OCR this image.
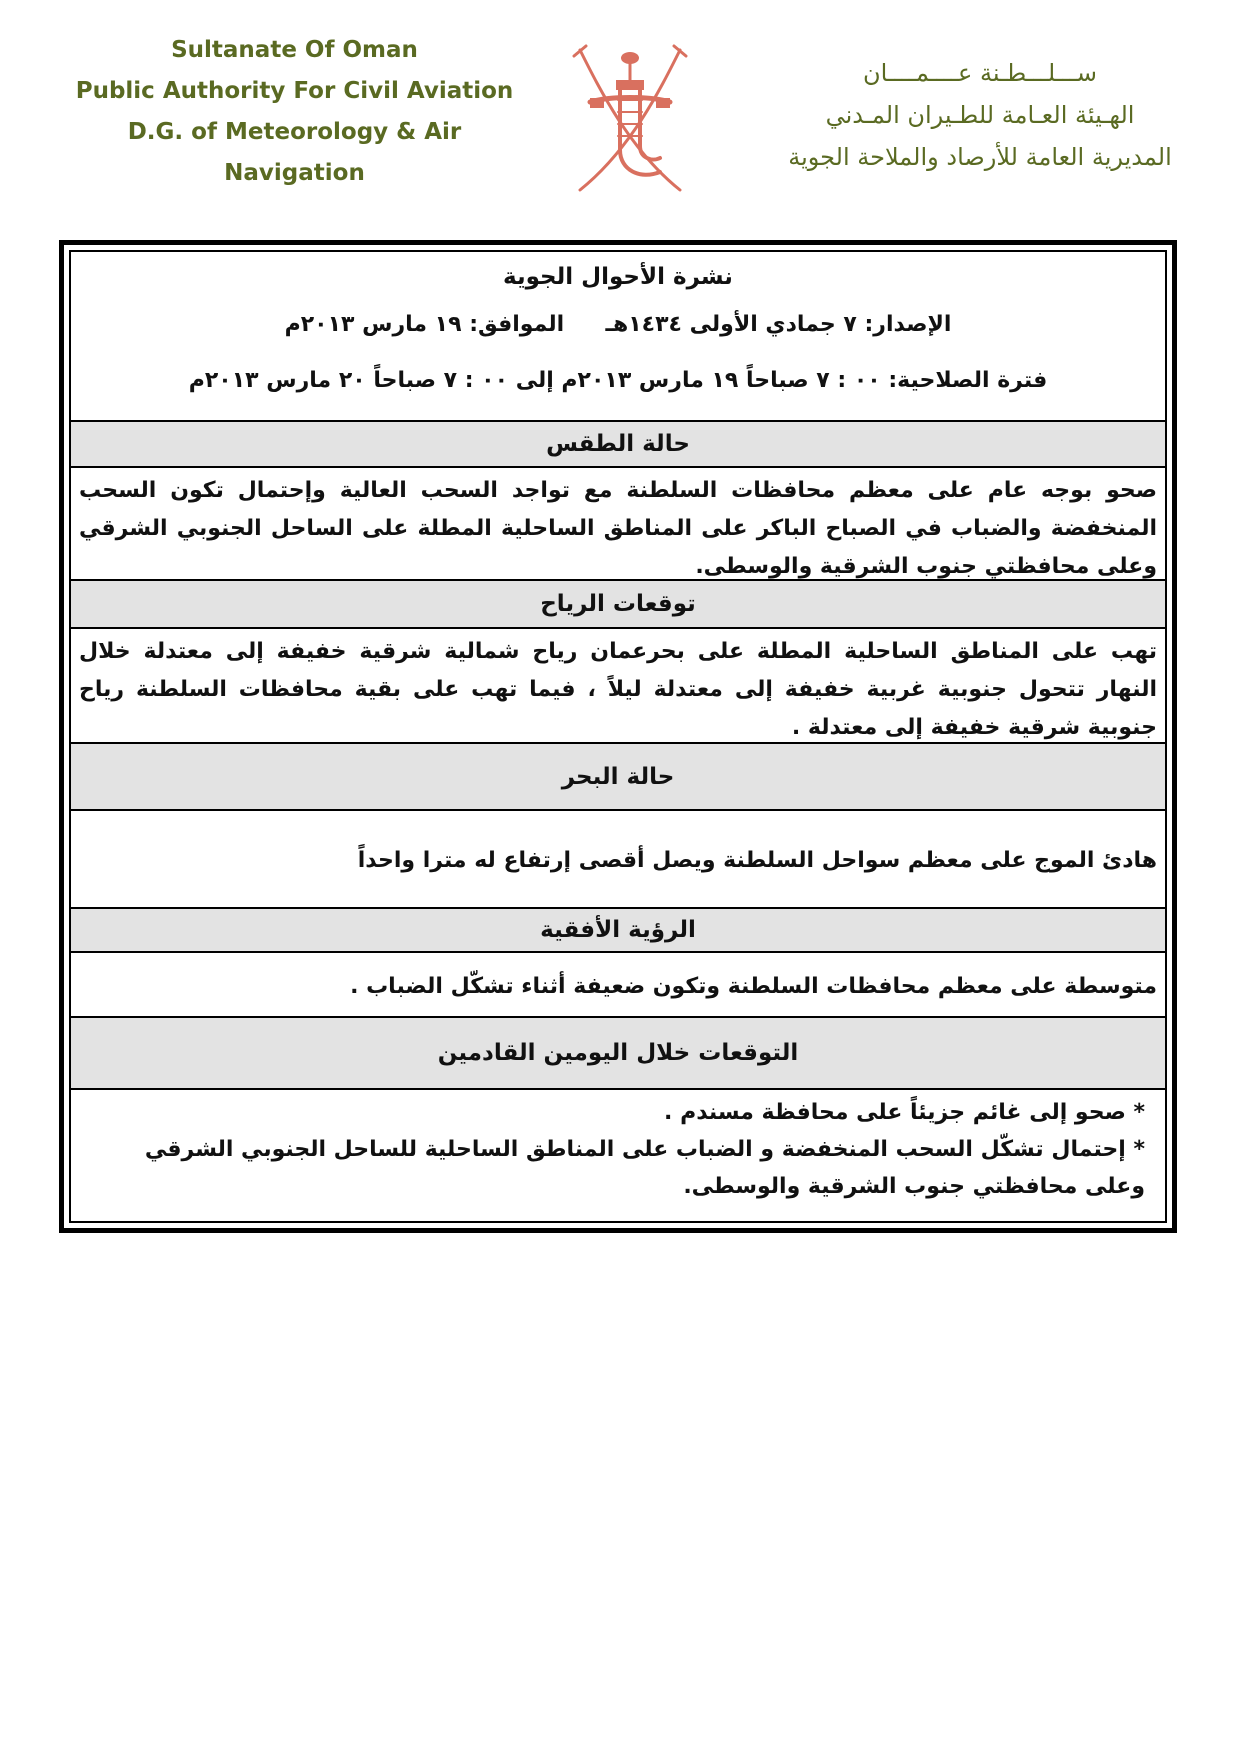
Sultanate Of Oman
Public Authority For Civil Aviation
D.G. of Meteorology & Air
Navigation
ســـلـــطـنة عــــمــــان
الهـيئة العـامة للطـيران المـدني
المديرية العامة للأرصاد والملاحة الجوية
نشرة الأحوال الجوية
الإصدار: ٧ جمادي الأولى ١٤٣٤هـ  الموافق: ١٩ مارس ٢٠١٣م
فترة الصلاحية: ٠٠ : ٧ صباحاً ١٩ مارس ٢٠١٣م إلى ٠٠ : ٧ صباحاً ٢٠ مارس ٢٠١٣م
حالة الطقس
صحو بوجه عام على معظم محافظات السلطنة مع تواجد السحب العالية وإحتمال تكون السحب المنخفضة والضباب في الصباح الباكر على المناطق الساحلية المطلة على الساحل الجنوبي الشرقي وعلى محافظتي جنوب الشرقية والوسطى.
توقعات الرياح
تهب على المناطق الساحلية المطلة على بحرعمان رياح شمالية شرقية خفيفة إلى معتدلة خلال النهار تتحول جنوبية غربية خفيفة إلى معتدلة ليلاً ، فيما تهب على بقية محافظات السلطنة رياح جنوبية شرقية خفيفة إلى معتدلة .
حالة البحر
هادئ الموج على معظم سواحل السلطنة ويصل أقصى إرتفاع له مترا واحداً
الرؤية الأفقية
متوسطة على معظم محافظات السلطنة وتكون ضعيفة أثناء تشكّل الضباب .
التوقعات خلال اليومين القادمين
* صحو إلى غائم جزيئاً على محافظة مسندم .
* إحتمال تشكّل السحب المنخفضة و الضباب على المناطق الساحلية للساحل الجنوبي الشرقي وعلى محافظتي جنوب الشرقية والوسطى.
